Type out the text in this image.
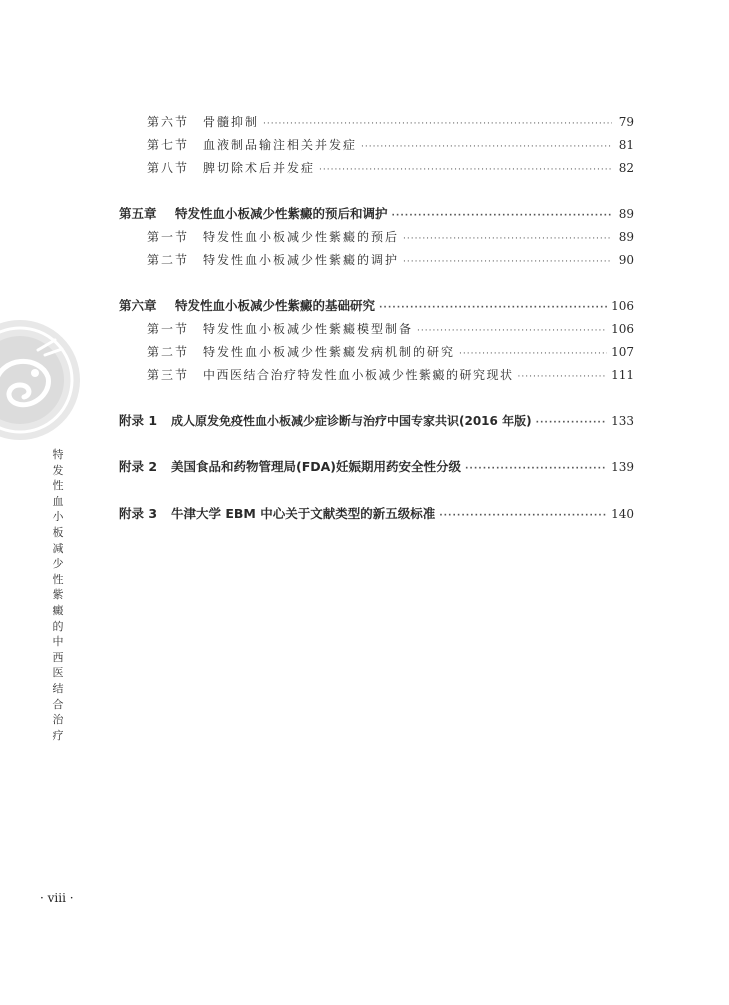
特发性血小板减少性紫癜的中西医结合治疗
第六节	骨髓抑制 ·····	79
第七节	血液制品输注相关并发症 ·····	81
第八节	脾切除术后并发症 ·····	82
第五章	特发性血小板减少性紫癜的预后和调护 ·····	89
第一节	特发性血小板减少性紫癜的预后 ·····	89
第二节	特发性血小板减少性紫癜的调护 ·····	90
第六章	特发性血小板减少性紫癜的基础研究 ·····	106
第一节	特发性血小板减少性紫癜模型制备 ·····	106
第二节	特发性血小板减少性紫癜发病机制的研究 ·····	107
第三节	中西医结合治疗特发性血小板减少性紫癜的研究现状 ·····	111
附录 1	成人原发免疫性血小板减少症诊断与治疗中国专家共识(2016 年版) ·····	133
附录 2	美国食品和药物管理局(FDA)妊娠期用药安全性分级 ·····	139
附录 3	牛津大学 EBM 中心关于文献类型的新五级标准 ·····	140
· viii ·
